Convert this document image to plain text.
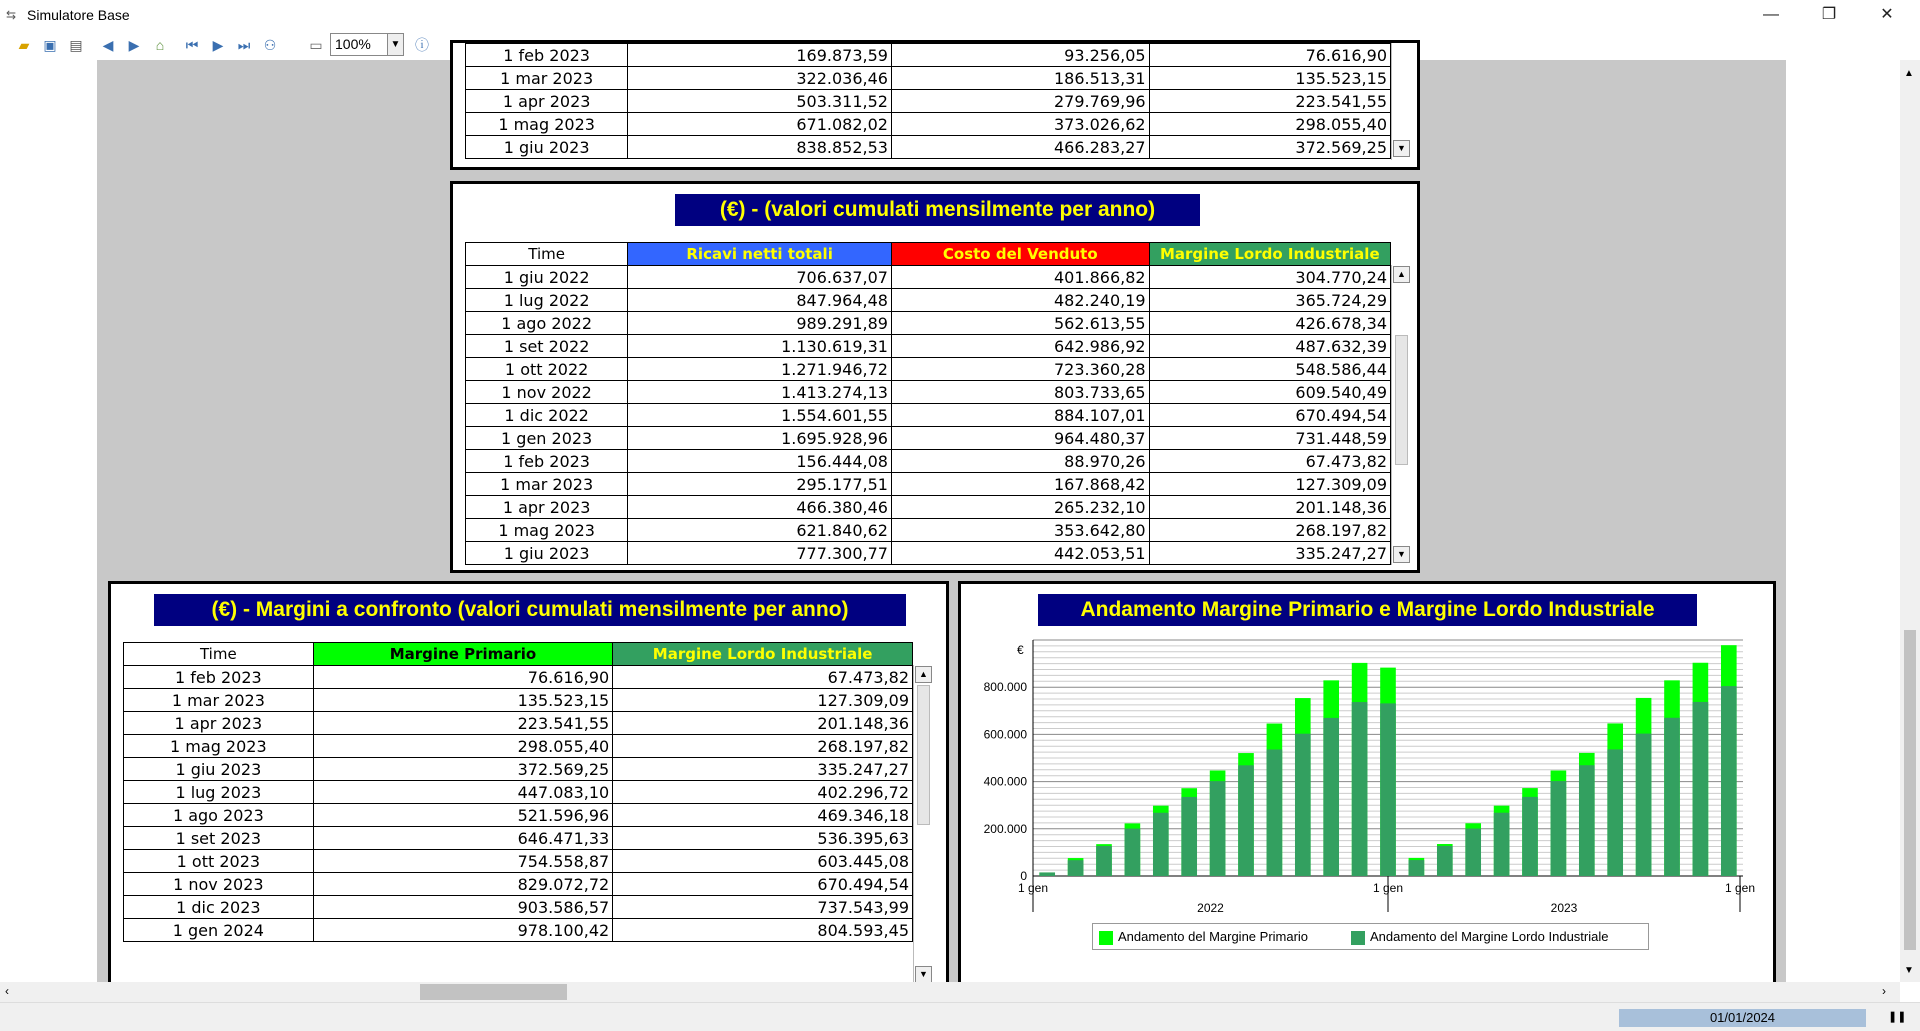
⇆ Simulatore Base	—	❐	✕
▰ ▣ ▤	◀	▶	⌂	⏮	▶	⏭ ⚇ ▭	ⓘ
100%	▼
1 feb 2023	169.873,59	93.256,05	76.616,90
1 mar 2023	322.036,46	186.513,31	135.523,15
1 apr 2023	503.311,52	279.769,96	223.541,55
1 mag 2023	671.082,02	373.026,62	298.055,40
1 giu 2023	838.852,53	466.283,27	372.569,25	▼
(€) - (valori cumulati mensilmente per anno)
Time	Ricavi netti totali	Costo del Venduto	Margine Lordo Industriale
1 giu 2022	706.637,07	401.866,82	304.770,24
1 lug 2022	847.964,48	482.240,19	365.724,29
1 ago 2022	989.291,89	562.613,55	426.678,34
1 set 2022	1.130.619,31	642.986,92	487.632,39
1 ott 2022	1.271.946,72	723.360,28	548.586,44
1 nov 2022	1.413.274,13	803.733,65	609.540,49
1 dic 2022	1.554.601,55	884.107,01	670.494,54
1 gen 2023	1.695.928,96	964.480,37	731.448,59
1 feb 2023	156.444,08	88.970,26	67.473,82
1 mar 2023	295.177,51	167.868,42	127.309,09
1 apr 2023	466.380,46	265.232,10	201.148,36
1 mag 2023	621.840,62	353.642,80	268.197,82
1 giu 2023	777.300,77	442.053,51	335.247,27
▲
▼
(€) - Margini a confronto (valori cumulati mensilmente per anno)
Time	Margine Primario	Margine Lordo Industriale
1 feb 2023	76.616,90	67.473,82
1 mar 2023	135.523,15	127.309,09
1 apr 2023	223.541,55	201.148,36
1 mag 2023	298.055,40	268.197,82
1 giu 2023	372.569,25	335.247,27
1 lug 2023	447.083,10	402.296,72
1 ago 2023	521.596,96	469.346,18
1 set 2023	646.471,33	536.395,63
1 ott 2023	754.558,87	603.445,08
1 nov 2023	829.072,72	670.494,54
1 dic 2023	903.586,57	737.543,99
1 gen 2024	978.100,42	804.593,45
▲
▼
Andamento Margine Primario e Margine Lordo Industriale
0
200.000
400.000
600.000
800.000
€
1 gen	1 gen	1 gen
2022	2023
Andamento del Margine Primario	Andamento del Margine Lordo Industriale
▲
▼
‹	›
01/01/2024	❚❚
